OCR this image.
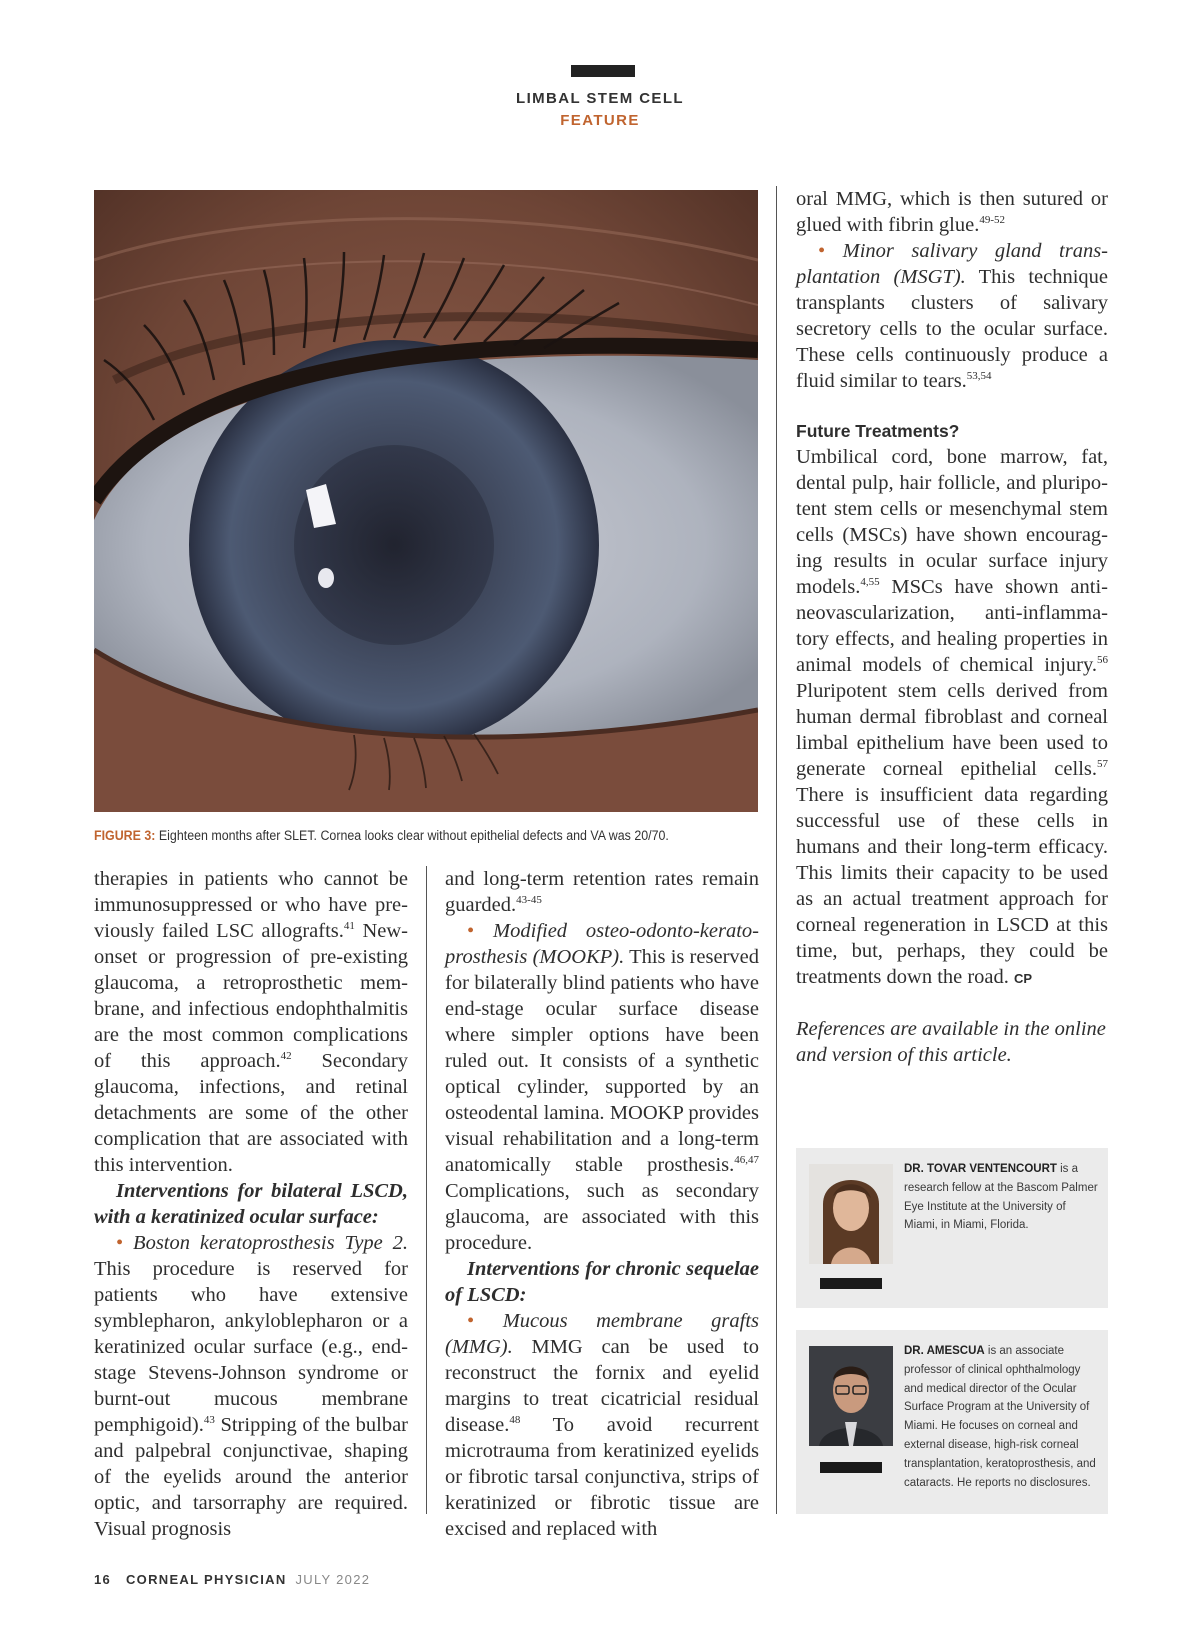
LIMBAL STEM CELL
FEATURE
FIGURE 3: Eighteen months after SLET. Cornea looks clear without epithelial defects and VA was 20/70.

therapies in patients who cannot be immunosuppressed or who have previously failed LSC allografts.$^{41}$ New-onset or progression of pre-existing glaucoma, a retroprosthetic membrane, and infectious endophthalmitis are the most common complications of this approach.$^{42}$ Secondary glaucoma, infections, and retinal detachments are some of the other complication that are associated with this intervention.

Interventions for bilateral LSCD, with a keratinized ocular surface:

• Boston keratoprosthesis Type 2. This procedure is reserved for patients who have extensive symblepharon, ankyloblepharon or a keratinized ocular surface (e.g., end-stage Stevens-Johnson syndrome or burnt-out mucous membrane pemphigoid).$^{43}$ Stripping of the bulbar and palpebral conjunctivae, shaping of the eyelids around the anterior optic, and tarsorraphy are required. Visual prognosis

and long-term retention rates remain guarded.$^{43-45}$

• Modified osteo-odonto-keratoprosthesis (MOOKP). This is reserved for bilaterally blind patients who have end-stage ocular surface disease where simpler options have been ruled out. It consists of a synthetic optical cylinder, supported by an osteodental lamina. MOOKP provides visual rehabilitation and a long-term anatomically stable prosthesis.$^{46,47}$ Complications, such as secondary glaucoma, are associated with this procedure.

Interventions for chronic sequelae of LSCD:

• Mucous membrane grafts (MMG). MMG can be used to reconstruct the fornix and eyelid margins to treat cicatricial residual disease.$^{48}$ To avoid recurrent microtrauma from keratinized eyelids or fibrotic tarsal conjunctiva, strips of keratinized or fibrotic tissue are excised and replaced with

oral MMG, which is then sutured or glued with fibrin glue.$^{49-52}$

• Minor salivary gland transplantation (MSGT). This technique transplants clusters of salivary secretory cells to the ocular surface. These cells continuously produce a fluid similar to tears.$^{53,54}$

Future Treatments?

Umbilical cord, bone marrow, fat, dental pulp, hair follicle, and pluripotent stem cells or mesenchymal stem cells (MSCs) have shown encouraging results in ocular surface injury models.$^{4,55}$ MSCs have shown anti-neovascularization, anti-inflammatory effects, and healing properties in animal models of chemical injury.$^{56}$ Pluripotent stem cells derived from human dermal fibroblast and corneal limbal epithelium have been used to generate corneal epithelial cells.$^{57}$ There is insufficient data regarding successful use of these cells in humans and their long-term efficacy. This limits their capacity to be used as an actual treatment approach for corneal regeneration in LSCD at this time, but, perhaps, they could be treatments down the road. CP

References are available in the online and version of this article.

DR. TOVAR VENTENCOURT is a research fellow at the Bascom Palmer Eye Institute at the University of Miami, in Miami, Florida.
DR. AMESCUA is an associate professor of clinical ophthalmology and medical director of the Ocular Surface Program at the University of Miami. He focuses on corneal and external disease, high-risk corneal transplantation, keratoprosthesis, and cataracts. He reports no disclosures.
16 CORNEAL PHYSICIAN JULY 2022
